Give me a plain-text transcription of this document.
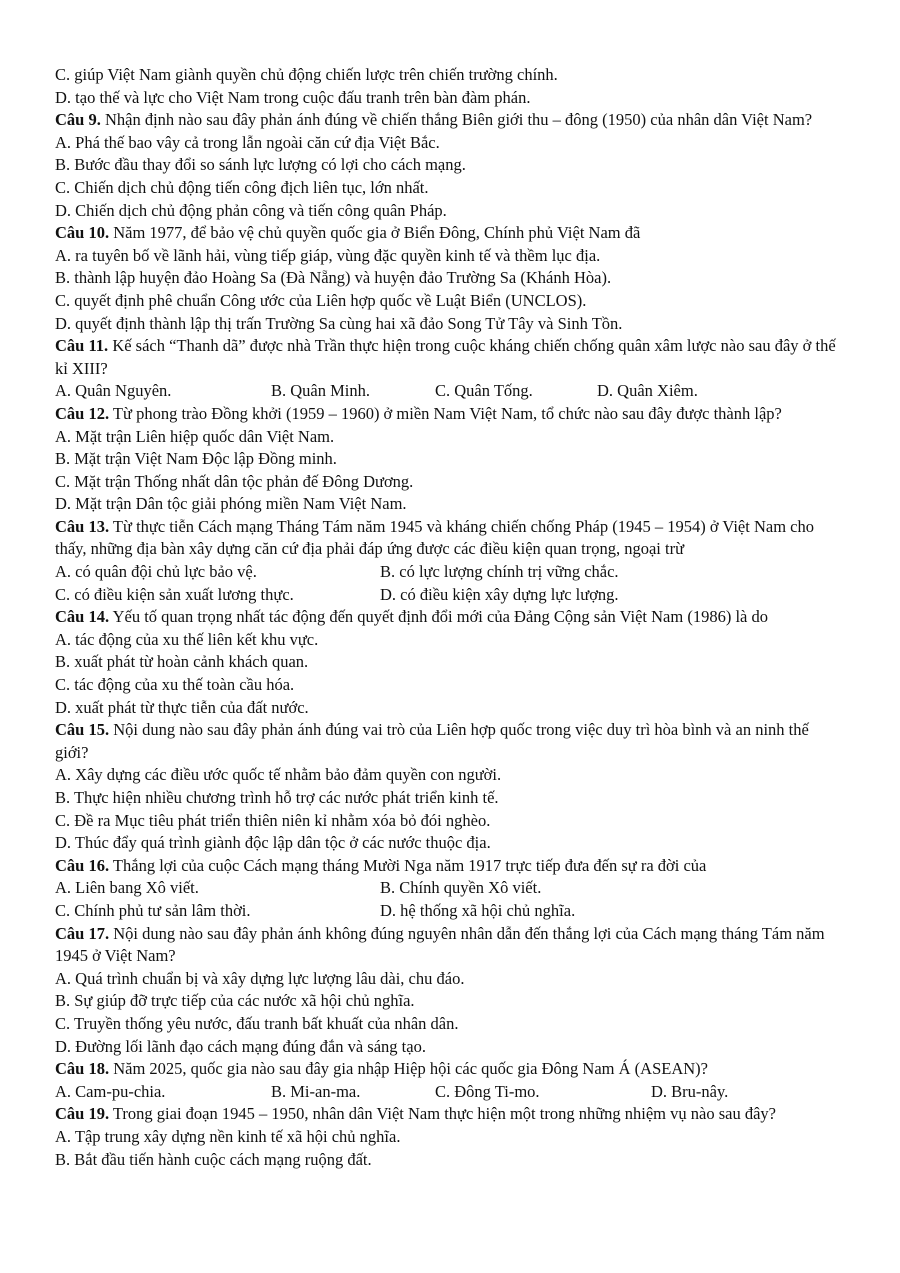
C. giúp Việt Nam giành quyền chủ động chiến lược trên chiến trường chính.
D. tạo thế và lực cho Việt Nam trong cuộc đấu tranh trên bàn đàm phán.
Câu 9. Nhận định nào sau đây phản ánh đúng về chiến thắng Biên giới thu – đông (1950) của nhân dân Việt Nam?
A. Phá thế bao vây cả trong lẫn ngoài căn cứ địa Việt Bắc.
B. Bước đầu thay đổi so sánh lực lượng có lợi cho cách mạng.
C. Chiến dịch chủ động tiến công địch liên tục, lớn nhất.
D. Chiến dịch chủ động phản công và tiến công quân Pháp.
Câu 10. Năm 1977, để bảo vệ chủ quyền quốc gia ở Biển Đông, Chính phủ Việt Nam đã
A. ra tuyên bố về lãnh hải, vùng tiếp giáp, vùng đặc quyền kinh tế và thềm lục địa.
B. thành lập huyện đảo Hoàng Sa (Đà Nẵng) và huyện đảo Trường Sa (Khánh Hòa).
C. quyết định phê chuẩn Công ước của Liên hợp quốc về Luật Biển (UNCLOS).
D. quyết định thành lập thị trấn Trường Sa cùng hai xã đảo Song Tử Tây và Sinh Tồn.
Câu 11. Kế sách “Thanh dã” được nhà Trần thực hiện trong cuộc kháng chiến chống quân xâm lược nào sau đây ở thế kỉ XIII?
A. Quân Nguyên.	B. Quân Minh.	C. Quân Tống.	D. Quân Xiêm.
Câu 12. Từ phong trào Đồng khởi (1959 – 1960) ở miền Nam Việt Nam, tổ chức nào sau đây được thành lập?
A. Mặt trận Liên hiệp quốc dân Việt Nam.
B. Mặt trận Việt Nam Độc lập Đồng minh.
C. Mặt trận Thống nhất dân tộc phản đế Đông Dương.
D. Mặt trận Dân tộc giải phóng miền Nam Việt Nam.
Câu 13. Từ thực tiễn Cách mạng Tháng Tám năm 1945 và kháng chiến chống Pháp (1945 – 1954) ở Việt Nam cho thấy, những địa bàn xây dựng căn cứ địa phải đáp ứng được các điều kiện quan trọng, ngoại trừ
A. có quân đội chủ lực bảo vệ.	B. có lực lượng chính trị vững chắc.
C. có điều kiện sản xuất lương thực.	D. có điều kiện xây dựng lực lượng.
Câu 14. Yếu tố quan trọng nhất tác động đến quyết định đổi mới của Đảng Cộng sản Việt Nam (1986) là do
A. tác động của xu thế liên kết khu vực.
B. xuất phát từ hoàn cảnh khách quan.
C. tác động của xu thế toàn cầu hóa.
D. xuất phát từ thực tiễn của đất nước.
Câu 15. Nội dung nào sau đây phản ánh đúng vai trò của Liên hợp quốc trong việc duy trì hòa bình và an ninh thế giới?
A. Xây dựng các điều ước quốc tế nhằm bảo đảm quyền con người.
B. Thực hiện nhiều chương trình hỗ trợ các nước phát triển kinh tế.
C. Đề ra Mục tiêu phát triển thiên niên kỉ nhằm xóa bỏ đói nghèo.
D. Thúc đẩy quá trình giành độc lập dân tộc ở các nước thuộc địa.
Câu 16. Thắng lợi của cuộc Cách mạng tháng Mười Nga năm 1917 trực tiếp đưa đến sự ra đời của
A. Liên bang Xô viết.	B. Chính quyền Xô viết.
C. Chính phủ tư sản lâm thời.	D. hệ thống xã hội chủ nghĩa.
Câu 17. Nội dung nào sau đây phản ánh không đúng nguyên nhân dẫn đến thắng lợi của Cách mạng tháng Tám năm 1945 ở Việt Nam?
A. Quá trình chuẩn bị và xây dựng lực lượng lâu dài, chu đáo.
B. Sự giúp đỡ trực tiếp của các nước xã hội chủ nghĩa.
C. Truyền thống yêu nước, đấu tranh bất khuất của nhân dân.
D. Đường lối lãnh đạo cách mạng đúng đắn và sáng tạo.
Câu 18. Năm 2025, quốc gia nào sau đây gia nhập Hiệp hội các quốc gia Đông Nam Á (ASEAN)?
A. Cam-pu-chia.	B. Mi-an-ma.	C. Đông Ti-mo.	D. Bru-nây.
Câu 19. Trong giai đoạn 1945 – 1950, nhân dân Việt Nam thực hiện một trong những nhiệm vụ nào sau đây?
A. Tập trung xây dựng nền kinh tế xã hội chủ nghĩa.
B. Bắt đầu tiến hành cuộc cách mạng ruộng đất.
